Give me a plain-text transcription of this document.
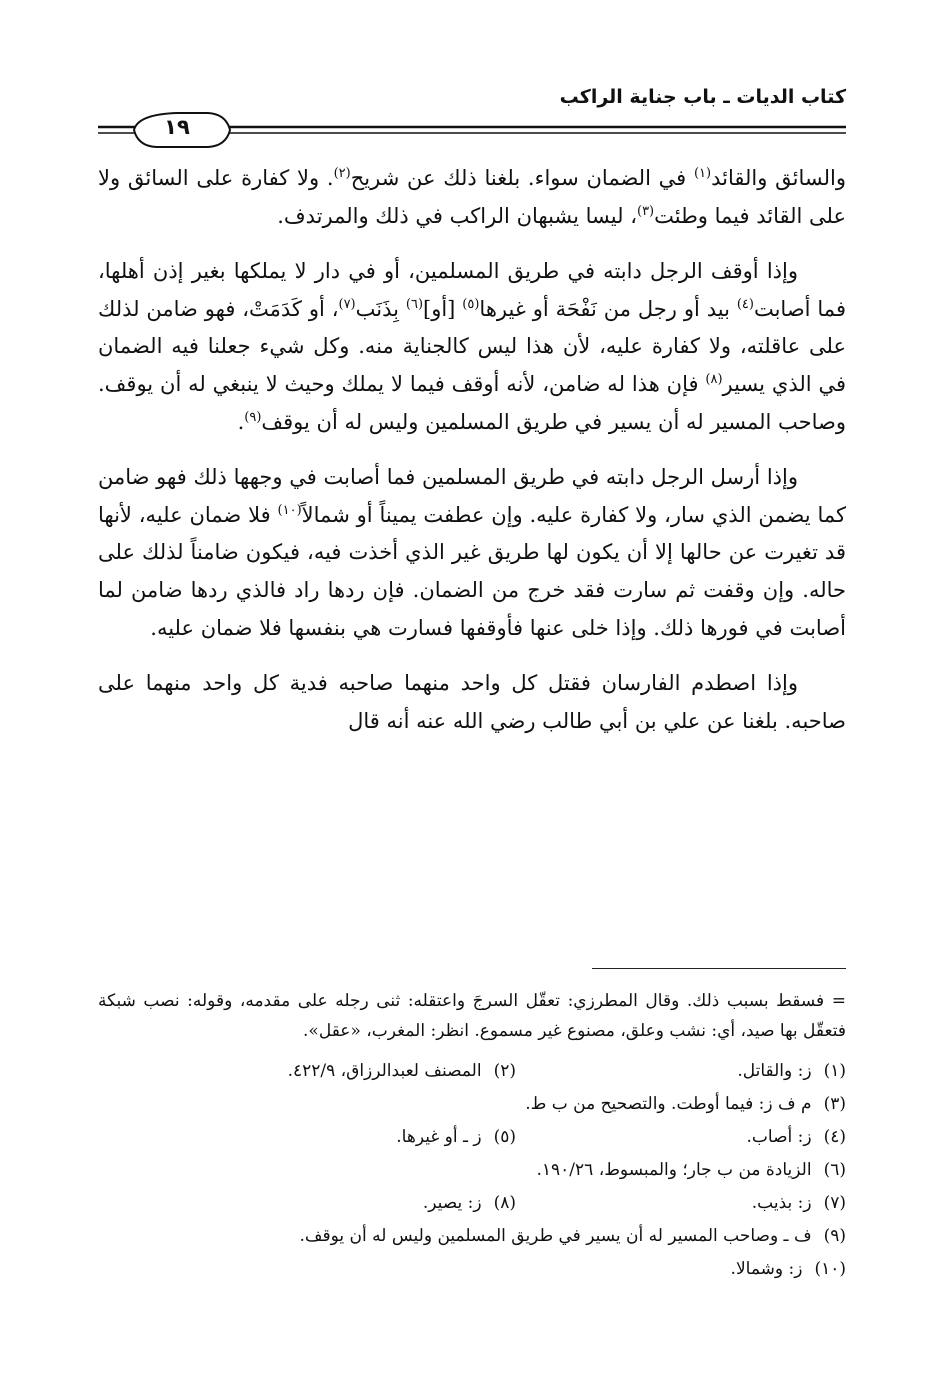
كتاب الديات ـ باب جناية الراكب
١٩

والسائق والقائد$^{(١)}$ في الضمان سواء. بلغنا ذلك عن شريح$^{(٢)}$. ولا كفارة على السائق ولا على القائد فيما وطئت$^{(٣)}$، ليسا يشبهان الراكب في ذلك والمرتدف.

وإذا أوقف الرجل دابته في طريق المسلمين، أو في دار لا يملكها بغير إذن أهلها، فما أصابت$^{(٤)}$ بيد أو رجل من نَفْحَة أو غيرها$^{(٥)}$ [أو]$^{(٦)}$ بِذَنَب$^{(٧)}$، أو كَدَمَتْ، فهو ضامن لذلك على عاقلته، ولا كفارة عليه، لأن هذا ليس كالجناية منه. وكل شيء جعلنا فيه الضمان في الذي يسير$^{(٨)}$ فإن هذا له ضامن، لأنه أوقف فيما لا يملك وحيث لا ينبغي له أن يوقف. وصاحب المسير له أن يسير في طريق المسلمين وليس له أن يوقف$^{(٩)}$.

وإذا أرسل الرجل دابته في طريق المسلمين فما أصابت في وجهها ذلك فهو ضامن كما يضمن الذي سار، ولا كفارة عليه. وإن عطفت يميناً أو شمالاً$^{(١٠)}$ فلا ضمان عليه، لأنها قد تغيرت عن حالها إلا أن يكون لها طريق غير الذي أخذت فيه، فيكون ضامناً لذلك على حاله. وإن وقفت ثم سارت فقد خرج من الضمان. فإن ردها راد فالذي ردها ضامن لما أصابت في فورها ذلك. وإذا خلى عنها فأوقفها فسارت هي بنفسها فلا ضمان عليه.

وإذا اصطدم الفارسان فقتل كل واحد منهما صاحبه فدية كل واحد منهما على صاحبه. بلغنا عن علي بن أبي طالب رضي الله عنه أنه قال

= فسقط بسبب ذلك. وقال المطرزي: تعقّل السرجَ واعتقله: ثنى رجله على مقدمه، وقوله: نصب شبكة فتعقّل بها صيد، أي: نشب وعلق، مصنوع غير مسموع. انظر: المغرب، «عقل».
(١)ز: والقاتل.
(٢)المصنف لعبدالرزاق، ٤٢٢/٩.
(٣)م ف ز: فيما أوطت. والتصحيح من ب ط.
(٤)ز: أصاب.
(٥)ز ـ أو غيرها.
(٦)الزيادة من ب جار؛ والمبسوط، ١٩٠/٢٦.
(٧)ز: بذيب.
(٨)ز: يصير.
(٩)ف ـ وصاحب المسير له أن يسير في طريق المسلمين وليس له أن يوقف.
(١٠)ز: وشمالا.
